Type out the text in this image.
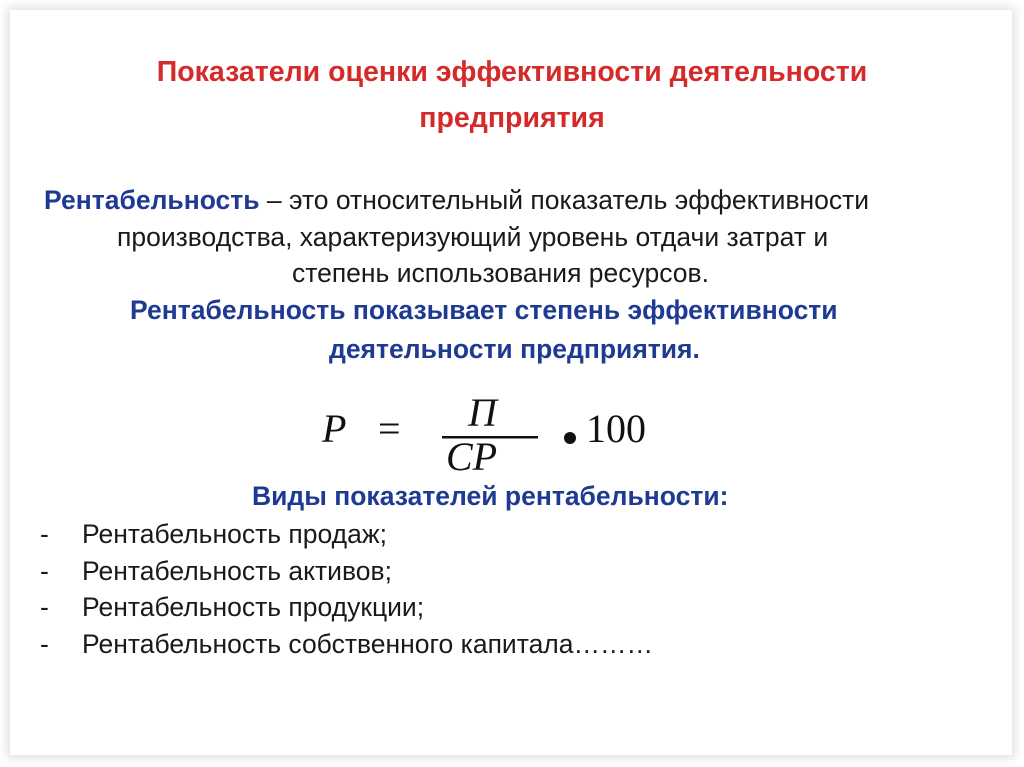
Показатели оценки эффективности деятельности
предприятия
Рентабельность – это относительный показатель эффективности
производства, характеризующий уровень отдачи затрат и
степень использования ресурсов.
Рентабельность показывает степень эффективности
деятельности предприятия.
P = П
CP
100
Виды показателей рентабельности:
- Рентабельность продаж;
- Рентабельность активов;
- Рентабельность продукции;
- Рентабельность собственного капитала………
